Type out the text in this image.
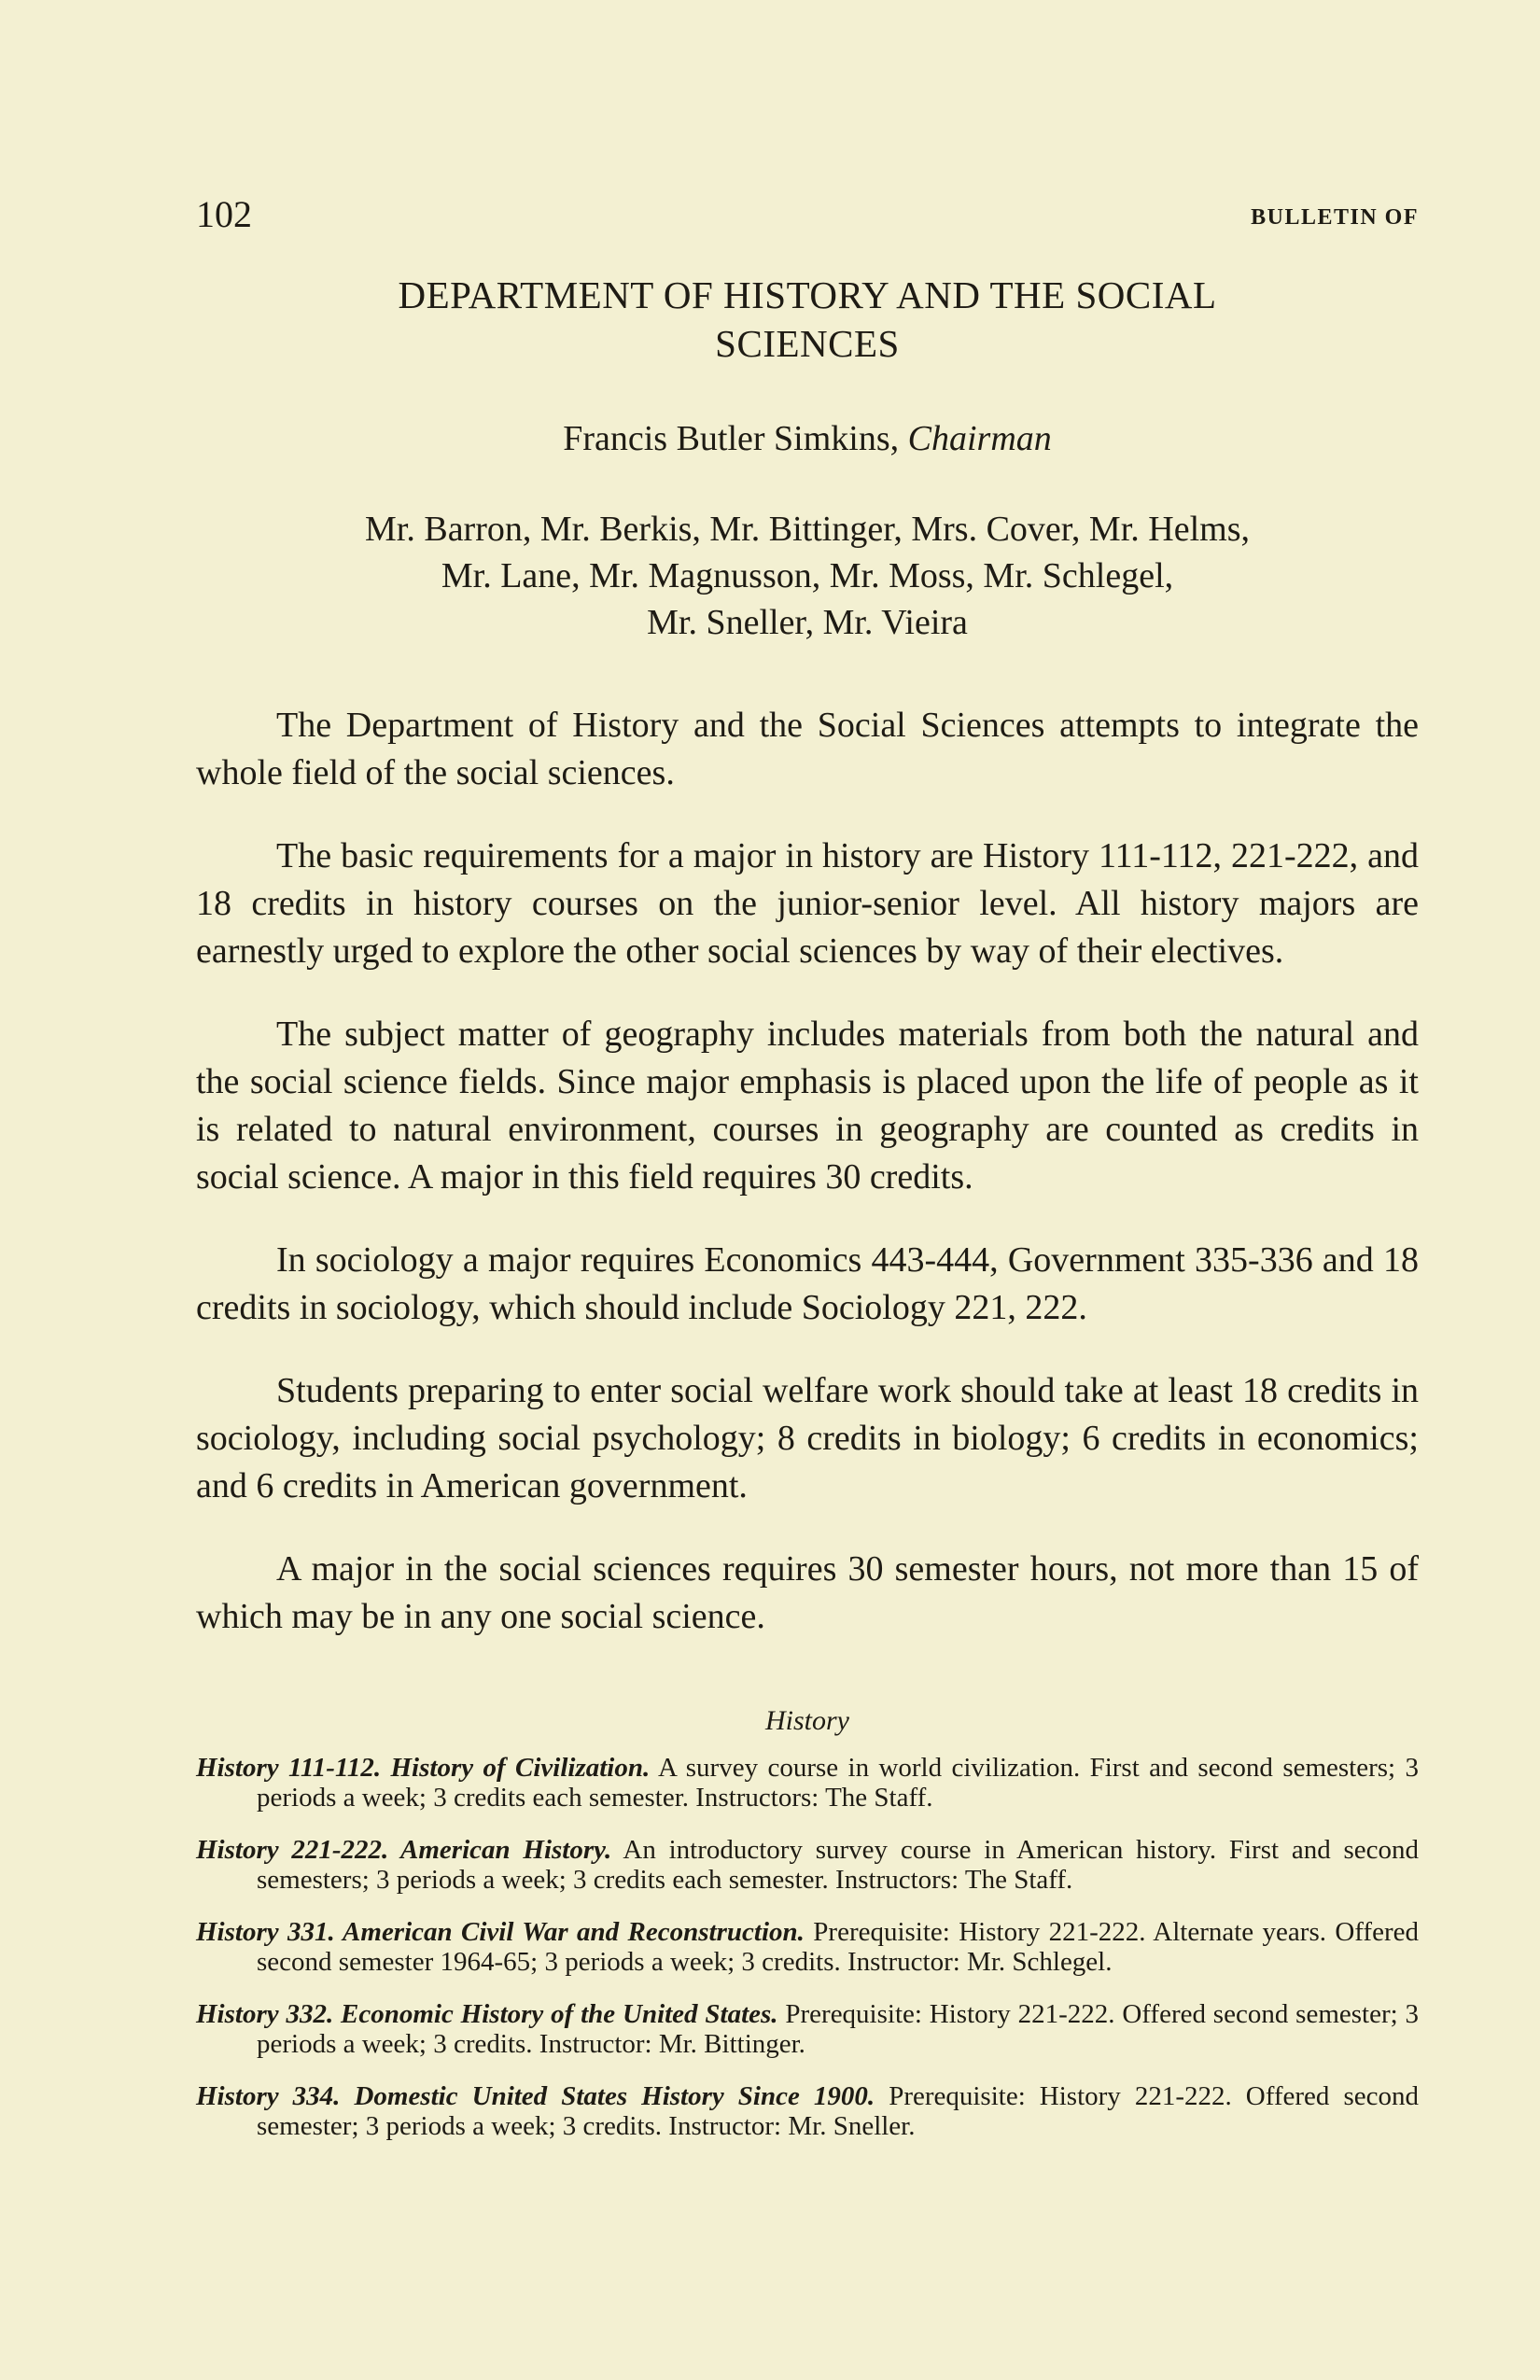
102	BULLETIN OF
DEPARTMENT OF HISTORY AND THE SOCIAL SCIENCES
Francis Butler Simkins, Chairman
Mr. Barron, Mr. Berkis, Mr. Bittinger, Mrs. Cover, Mr. Helms,
Mr. Lane, Mr. Magnusson, Mr. Moss, Mr. Schlegel,
Mr. Sneller, Mr. Vieira

The Department of History and the Social Sciences attempts to integrate the whole field of the social sciences.

The basic requirements for a major in history are History 111-112, 221-222, and 18 credits in history courses on the junior-senior level. All history majors are earnestly urged to explore the other social sciences by way of their electives.

The subject matter of geography includes materials from both the natural and the social science fields. Since major emphasis is placed upon the life of people as it is related to natural environment, courses in geography are counted as credits in social science. A major in this field requires 30 credits.

In sociology a major requires Economics 443-444, Government 335-336 and 18 credits in sociology, which should include Sociology 221, 222.

Students preparing to enter social welfare work should take at least 18 credits in sociology, including social psychology; 8 credits in biology; 6 credits in economics; and 6 credits in American government.

A major in the social sciences requires 30 semester hours, not more than 15 of which may be in any one social science.

History
History 111-112. History of Civilization. A survey course in world civilization. First and second semesters; 3 periods a week; 3 credits each semester. Instructors: The Staff.
History 221-222. American History. An introductory survey course in American history. First and second semesters; 3 periods a week; 3 credits each semester. Instructors: The Staff.
History 331. American Civil War and Reconstruction. Prerequisite: History 221-222. Alternate years. Offered second semester 1964-65; 3 periods a week; 3 credits. Instructor: Mr. Schlegel.
History 332. Economic History of the United States. Prerequisite: History 221-222. Offered second semester; 3 periods a week; 3 credits. Instructor: Mr. Bittinger.
History 334. Domestic United States History Since 1900. Prerequisite: History 221-222. Offered second semester; 3 periods a week; 3 credits. Instructor: Mr. Sneller.
